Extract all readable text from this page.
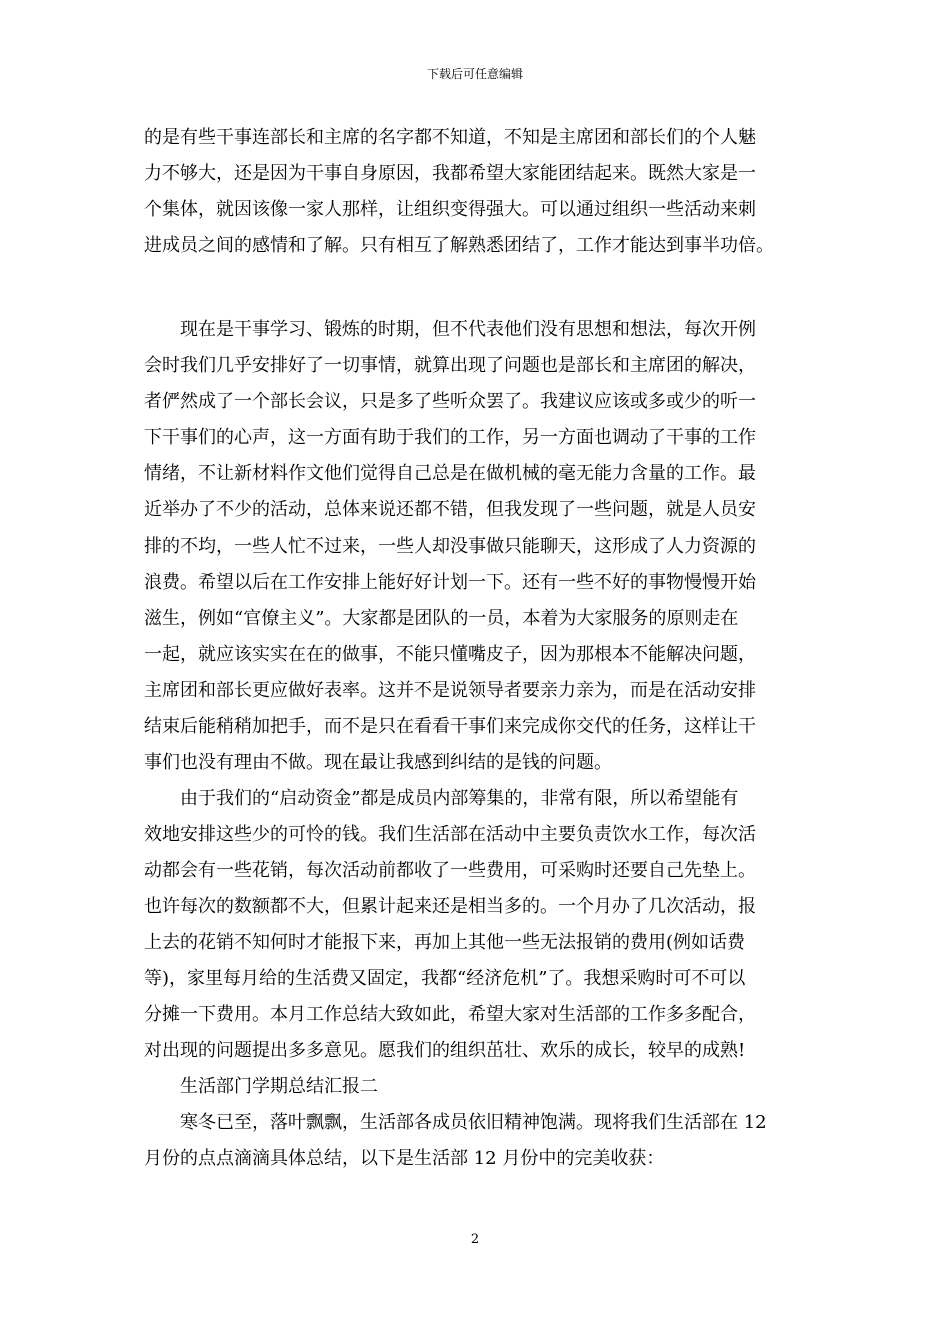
下载后可任意编辑
的是有些干事连部长和主席的名字都不知道，不知是主席团和部长们的个人魅
力不够大，还是因为干事自身原因，我都希望大家能团结起来。既然大家是一
个集体，就因该像一家人那样，让组织变得强大。可以通过组织一些活动来刺
进成员之间的感情和了解。只有相互了解熟悉团结了，工作才能达到事半功倍。
　　现在是干事学习、锻炼的时期，但不代表他们没有思想和想法，每次开例
会时我们几乎安排好了一切事情，就算出现了问题也是部长和主席团的解决，
者俨然成了一个部长会议，只是多了些听众罢了。我建议应该或多或少的听一
下干事们的心声，这一方面有助于我们的工作，另一方面也调动了干事的工作
情绪，不让新材料作文他们觉得自己总是在做机械的毫无能力含量的工作。最
近举办了不少的活动，总体来说还都不错，但我发现了一些问题，就是人员安
排的不均，一些人忙不过来，一些人却没事做只能聊天，这形成了人力资源的
浪费。希望以后在工作安排上能好好计划一下。还有一些不好的事物慢慢开始
滋生，例如“官僚主义”。大家都是团队的一员，本着为大家服务的原则走在
一起，就应该实实在在的做事，不能只懂嘴皮子，因为那根本不能解决问题，
主席团和部长更应做好表率。这并不是说领导者要亲力亲为，而是在活动安排
结束后能稍稍加把手，而不是只在看看干事们来完成你交代的任务，这样让干
事们也没有理由不做。现在最让我感到纠结的是钱的问题。
　　由于我们的“启动资金”都是成员内部筹集的，非常有限，所以希望能有
效地安排这些少的可怜的钱。我们生活部在活动中主要负责饮水工作，每次活
动都会有一些花销，每次活动前都收了一些费用，可采购时还要自己先垫上。
也许每次的数额都不大，但累计起来还是相当多的。一个月办了几次活动，报
上去的花销不知何时才能报下来，再加上其他一些无法报销的费用(例如话费
等)，家里每月给的生活费又固定，我都“经济危机”了。我想采购时可不可以
分摊一下费用。本月工作总结大致如此，希望大家对生活部的工作多多配合，
对出现的问题提出多多意见。愿我们的组织茁壮、欢乐的成长，较早的成熟!
　　生活部门学期总结汇报二
　　寒冬已至，落叶飘飘，生活部各成员依旧精神饱满。现将我们生活部在 12
月份的点点滴滴具体总结，以下是生活部 12 月份中的完美收获：
2
